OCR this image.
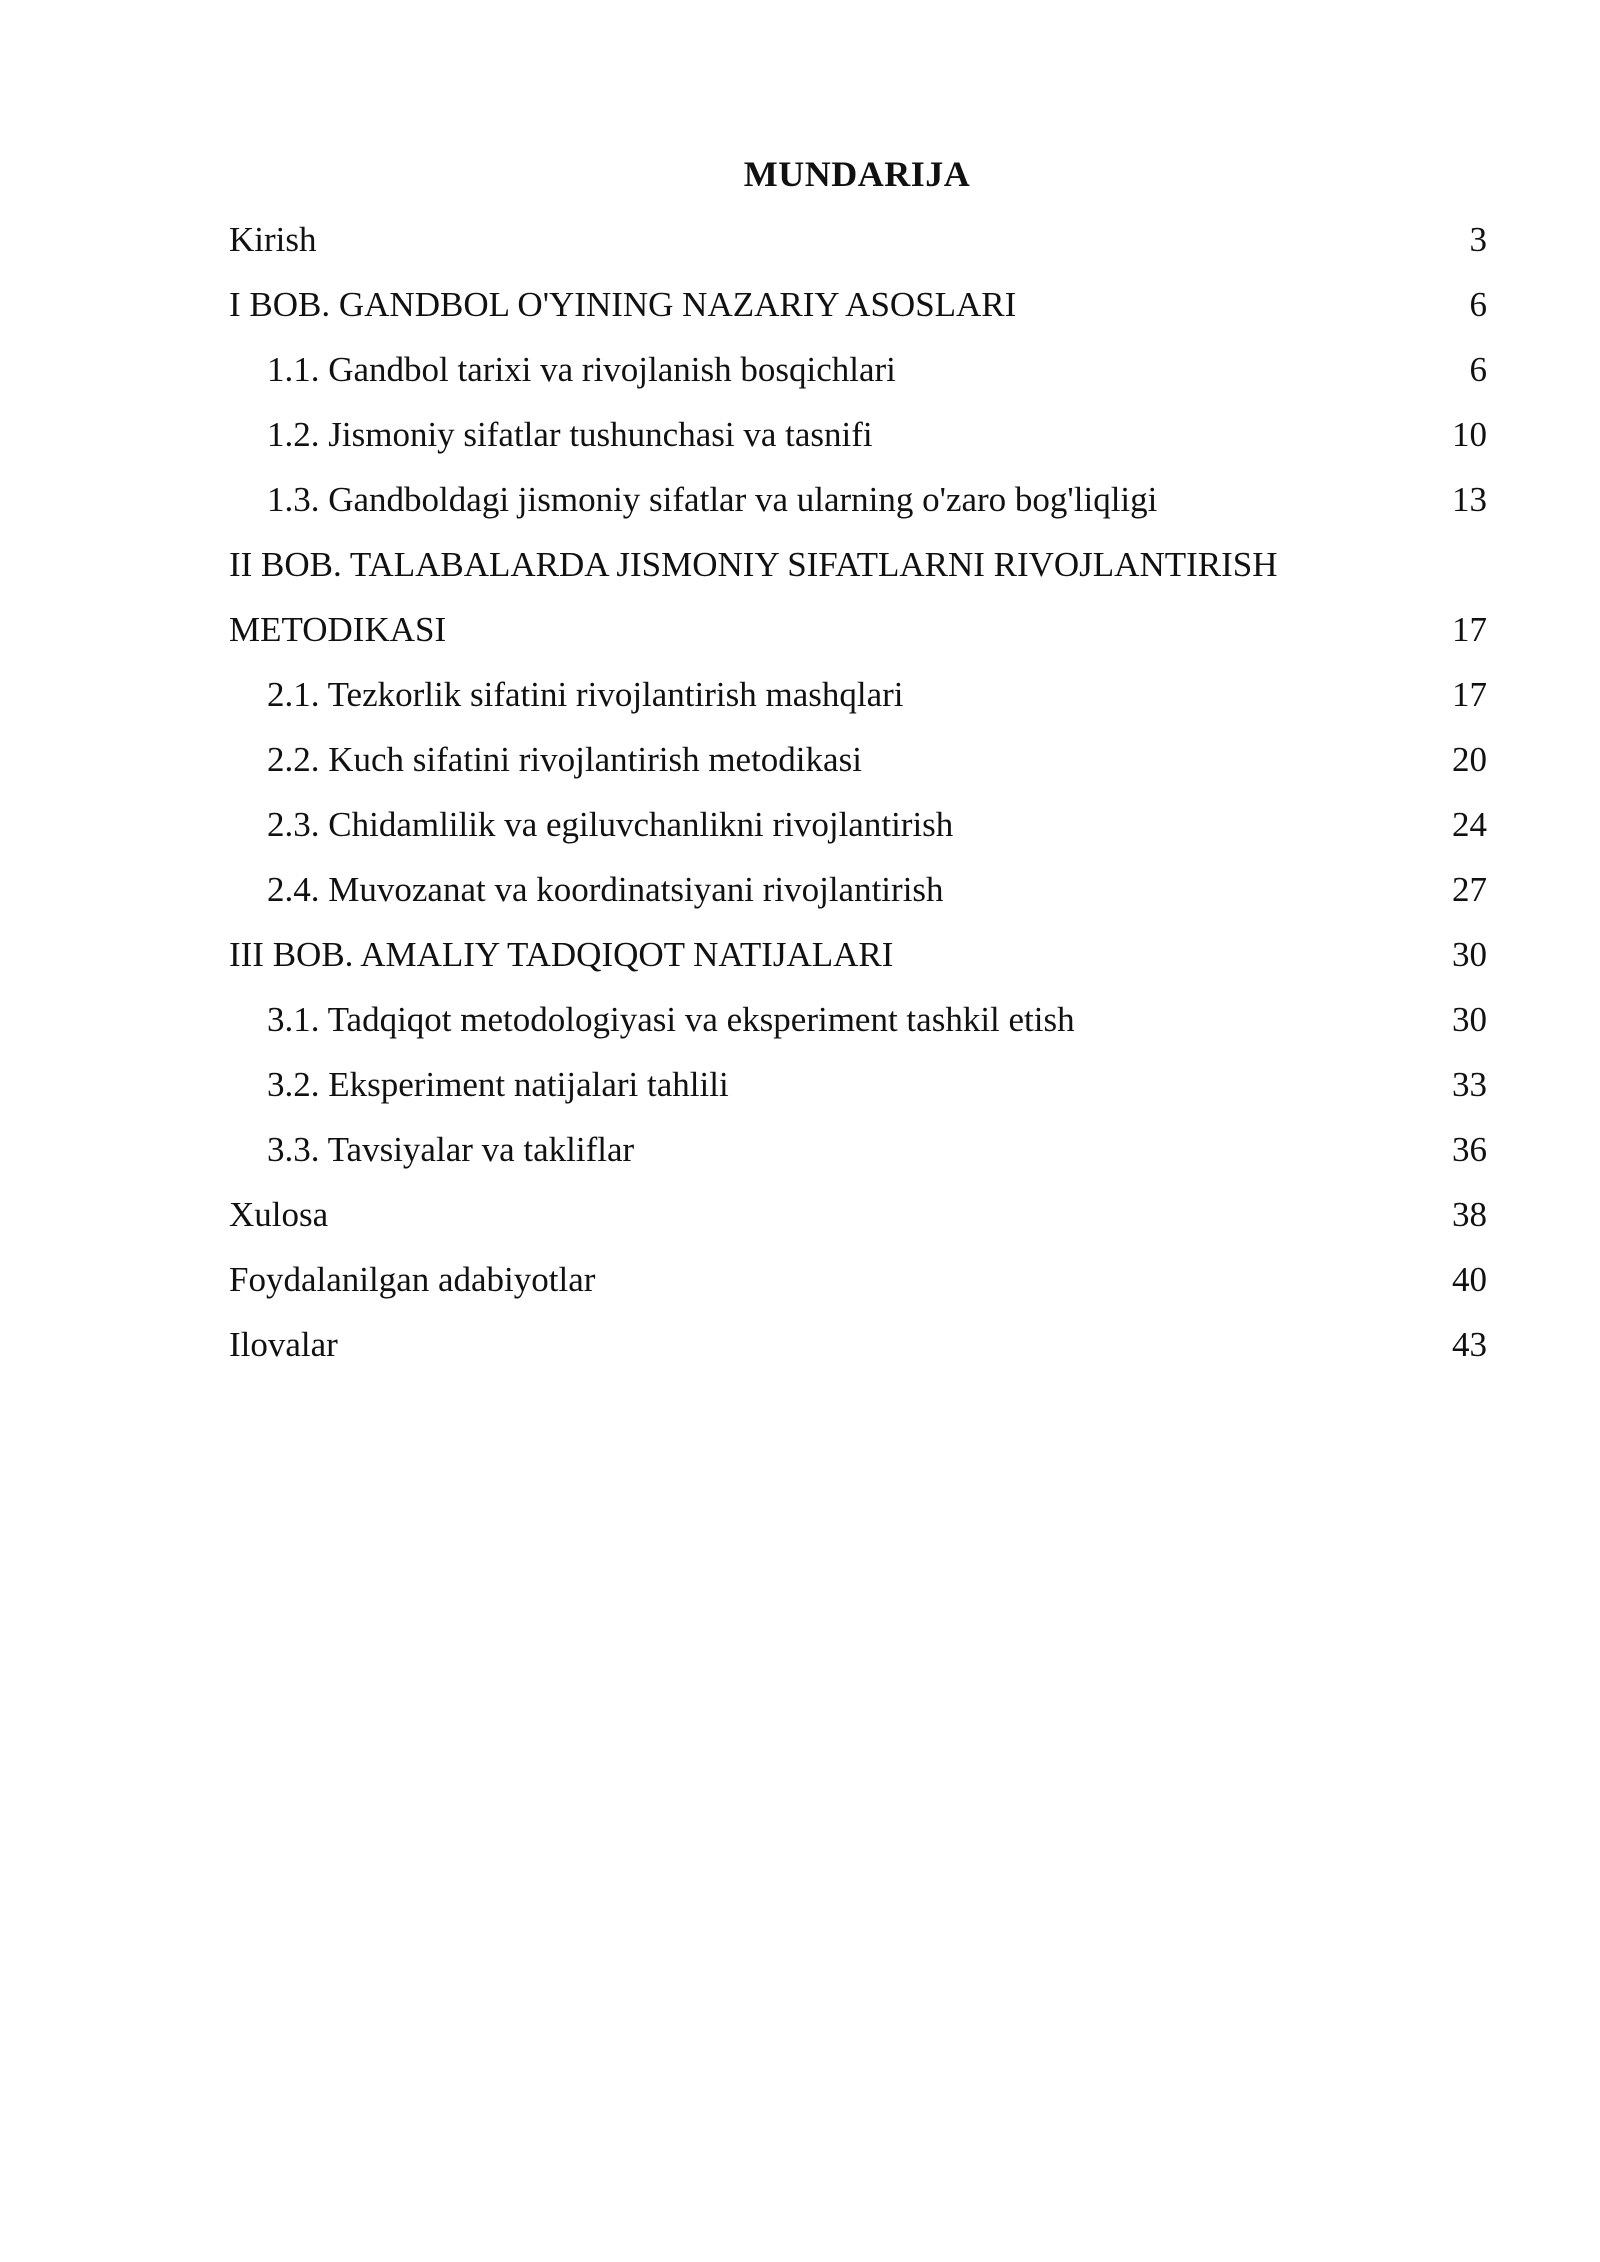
MUNDARIJA
Kirish	3
I BOB. GANDBOL O'YINING NAZARIY ASOSLARI	6
1.1. Gandbol tarixi va rivojlanish bosqichlari	6
1.2. Jismoniy sifatlar tushunchasi va tasnifi	10
1.3. Gandboldagi jismoniy sifatlar va ularning o'zaro bog'liqligi	13
II BOB. TALABALARDA JISMONIY SIFATLARNI RIVOJLANTIRISH
METODIKASI	17
2.1. Tezkorlik sifatini rivojlantirish mashqlari	17
2.2. Kuch sifatini rivojlantirish metodikasi	20
2.3. Chidamlilik va egiluvchanlikni rivojlantirish	24
2.4. Muvozanat va koordinatsiyani rivojlantirish	27
III BOB. AMALIY TADQIQOT NATIJALARI	30
3.1. Tadqiqot metodologiyasi va eksperiment tashkil etish	30
3.2. Eksperiment natijalari tahlili	33
3.3. Tavsiyalar va takliflar	36
Xulosa	38
Foydalanilgan adabiyotlar	40
Ilovalar	43
